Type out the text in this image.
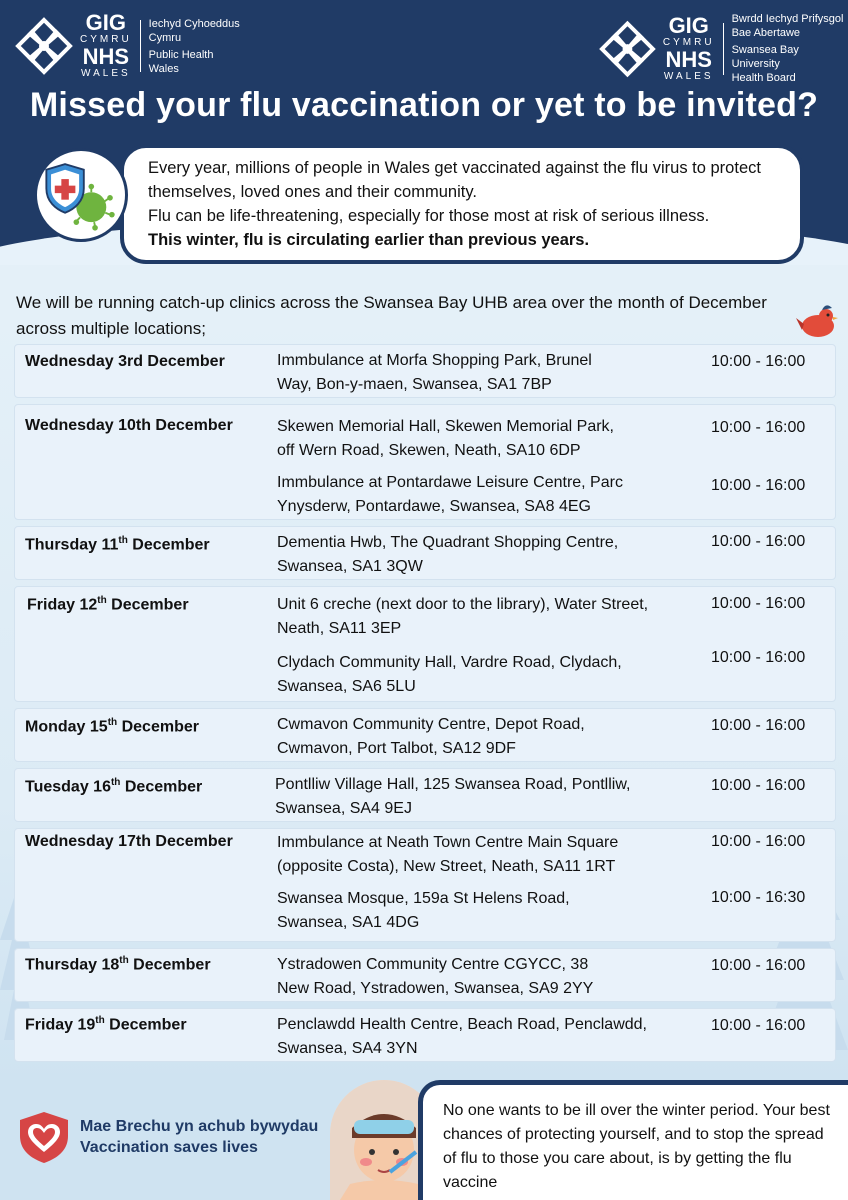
GIG
CYMRU
NHS
WALES
Iechyd Cyhoeddus
Cymru
Public Health
Wales
GIG
CYMRU
NHS
WALES
Bwrdd Iechyd Prifysgol
Bae Abertawe
Swansea Bay University
Health Board
Missed your flu vaccination or yet to be invited?

Every year, millions of people in Wales get vaccinated against the flu virus to protect themselves, loved ones and their community.

Flu can be life-threatening, especially for those most at risk of serious illness.

This winter, flu is circulating earlier than previous years.

We will be running catch-up clinics across the Swansea Bay UHB area over the month of December across multiple locations;
Wednesday 3rd December	Immbulance at Morfa Shopping Park, Brunel
Way, Bon-y-maen, Swansea, SA1 7BP
10:00 - 16:00
Wednesday 10th December	Skewen Memorial Hall, Skewen Memorial Park,
off Wern Road, Skewen, Neath, SA10 6DP
10:00 - 16:00
Immbulance at Pontardawe Leisure Centre, Parc
Ynysderw, Pontardawe, Swansea, SA8 4EG
10:00 - 16:00
Thursday 11th December	Dementia Hwb, The Quadrant Shopping Centre,
Swansea, SA1 3QW
10:00 - 16:00
Friday 12th December	Unit 6 creche (next door to the library), Water Street,
Neath, SA11 3EP
10:00 - 16:00
Clydach Community Hall, Vardre Road, Clydach,
Swansea, SA6 5LU
10:00 - 16:00
Monday 15th December	Cwmavon Community Centre, Depot Road,
Cwmavon, Port Talbot, SA12 9DF
10:00 - 16:00
Tuesday 16th December	Pontlliw Village Hall, 125 Swansea Road, Pontlliw,
Swansea, SA4 9EJ
10:00 - 16:00
Wednesday 17th December	Immbulance at Neath Town Centre Main Square
(opposite Costa), New Street, Neath, SA11 1RT
10:00 - 16:00
Swansea Mosque, 159a St Helens Road,
Swansea, SA1 4DG
10:00 - 16:30
Thursday 18th December	Ystradowen Community Centre CGYCC, 38
New Road, Ystradowen, Swansea, SA9 2YY
10:00 - 16:00
Friday 19th December	Penclawdd Health Centre, Beach Road, Penclawdd,
Swansea, SA4 3YN
10:00 - 16:00
Mae Brechu yn achub bywydau
Vaccination saves lives

No one wants to be ill over the winter period. Your best chances of protecting yourself, and to stop the spread of flu to those you care about, is by getting the flu vaccine
